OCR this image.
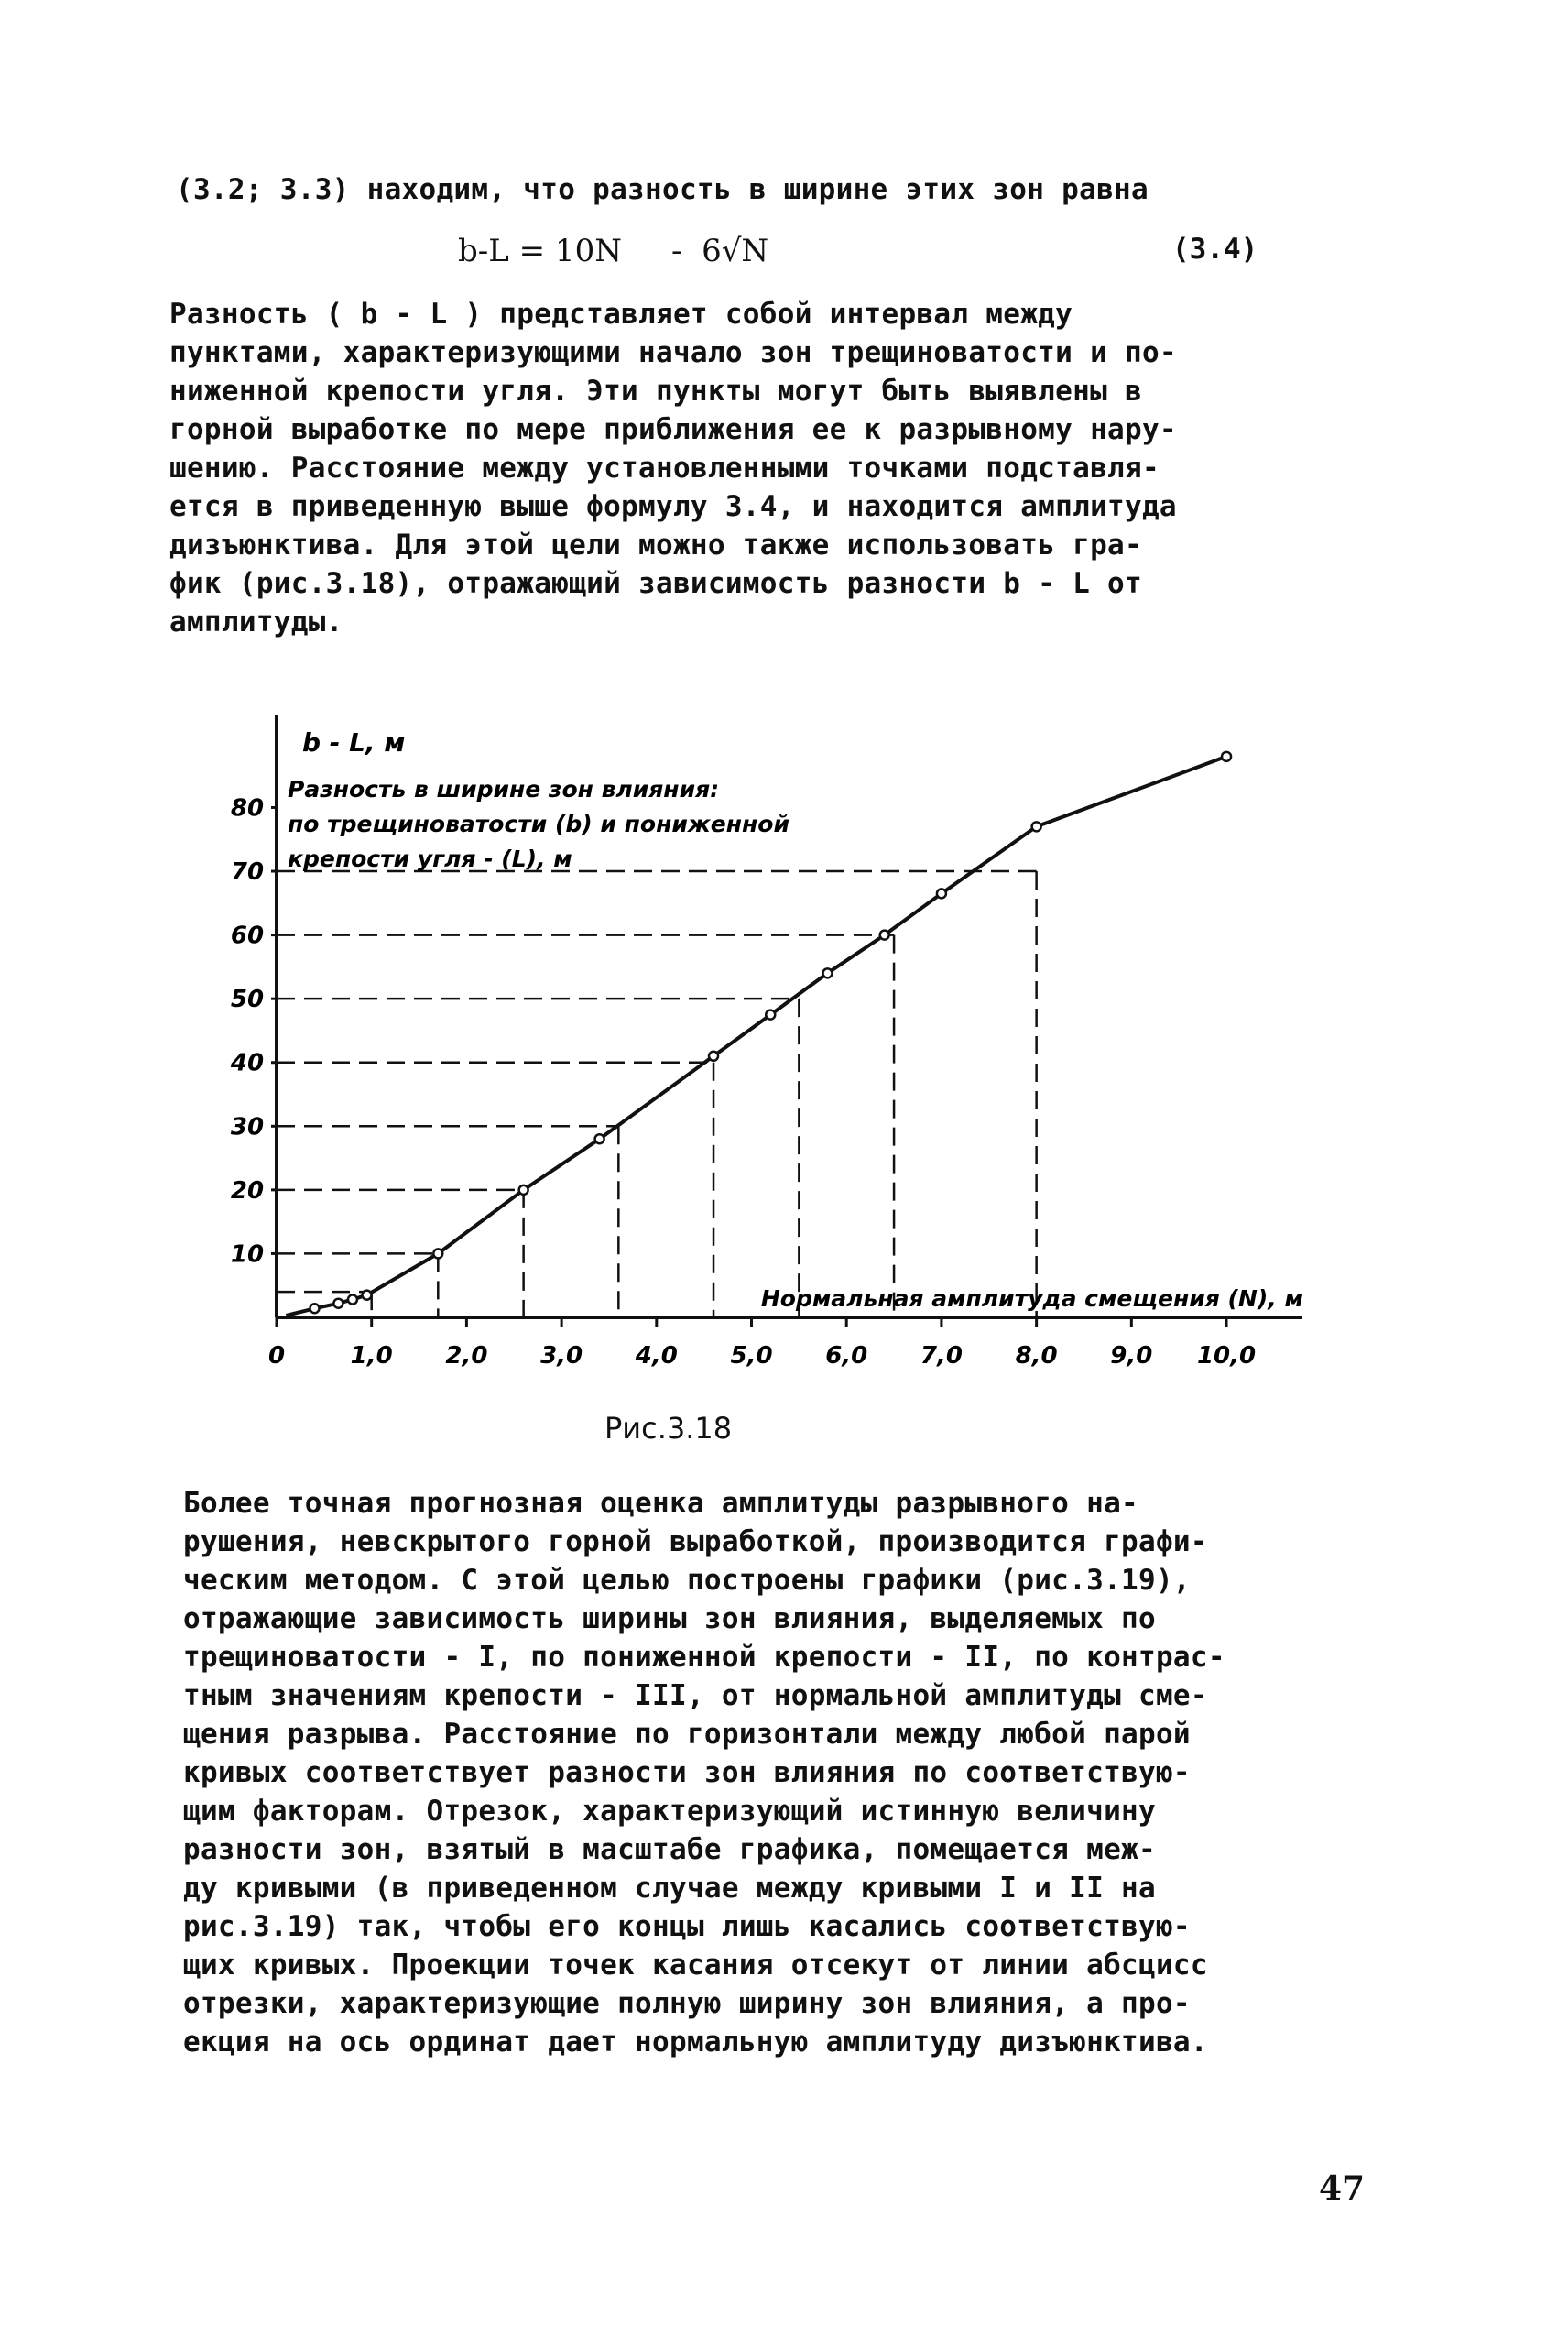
(3.2; 3.3) находим, что разность в ширине этих зон равна
b-L = 10N - 6√N	(3.4)
Разность ( b - L ) представляет собой интервал между
пунктами, характеризующими начало зон трещиноватости и по-
ниженной крепости угля. Эти пункты могут быть выявлены в
горной выработке по мере приближения ее к разрывному нару-
шению. Расстояние между установленными точками подставля-
ется в приведенную выше формулу 3.4, и находится амплитуда
дизъюнктива. Для этой цели можно также использовать гра-
фик (рис.3.18), отражающий зависимость разности b - L от
амплитуды.
10
20
30
40
50
60
70
80
0	1,0 2,0 3,0 4,0 5,0 6,0 7,0 8,0 9,0 10,0
b - L, м
Разность в ширине зон влияния:
по трещиноватости (b) и пониженной
крепости угля - (L), м
Нормальная амплитуда смещения (N), м
Рис.3.18
Более точная прогнозная оценка амплитуды разрывного на-
рушения, невскрытого горной выработкой, производится графи-
ческим методом. С этой целью построены графики (рис.3.19),
отражающие зависимость ширины зон влияния, выделяемых по
трещиноватости - I, по пониженной крепости - II, по контрас-
тным значениям крепости - III, от нормальной амплитуды сме-
щения разрыва. Расстояние по горизонтали между любой парой
кривых соответствует разности зон влияния по соответствую-
щим факторам. Отрезок, характеризующий истинную величину
разности зон, взятый в масштабе графика, помещается меж-
ду кривыми (в приведенном случае между кривыми I и II на
рис.3.19) так, чтобы его концы лишь касались соответствую-
щих кривых. Проекции точек касания отсекут от линии абсцисс
отрезки, характеризующие полную ширину зон влияния, а про-
екция на ось ординат дает нормальную амплитуду дизъюнктива.
47
